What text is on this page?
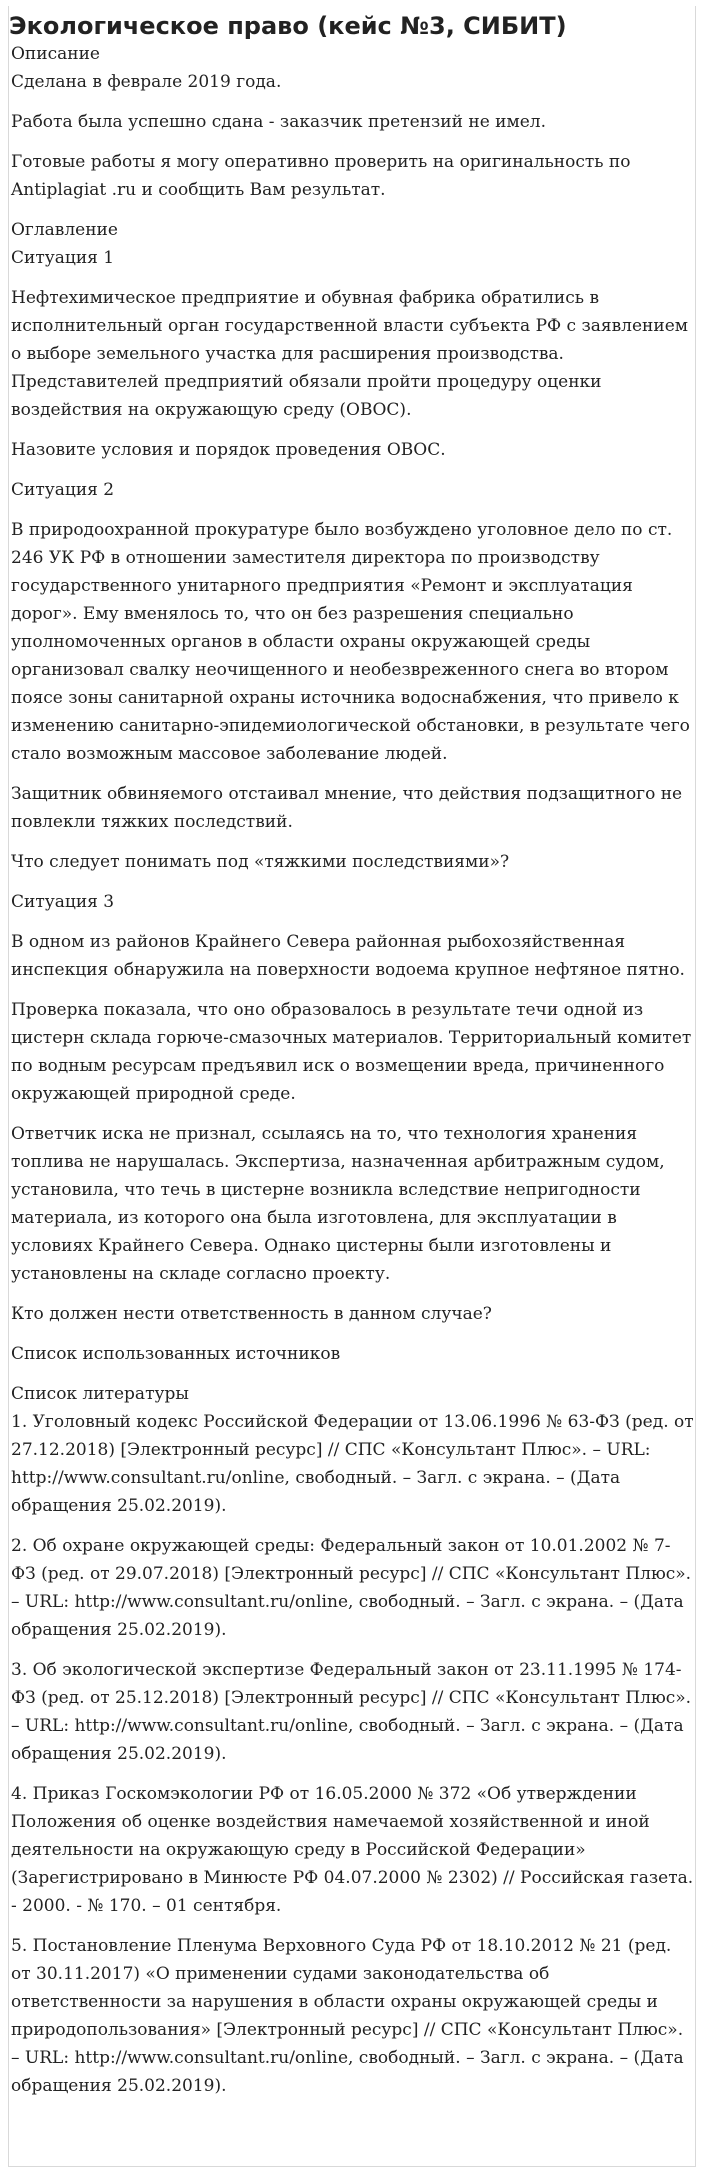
Экологическое право (кейс №3, СИБИТ)
Описание

Сделана в феврале 2019 года.

Работа была успешно сдана - заказчик претензий не имел.

Готовые работы я могу оперативно проверить на оригинальность по Antiplagiat .ru и сообщить Вам результат.

Оглавление
Ситуация 1

Нефтехимическое предприятие и обувная фабрика обратились в исполнительный орган государственной власти субъекта РФ с заявлением о выборе земельного участка для расширения производства. Представителей предприятий обязали пройти процедуру оценки воздействия на окружающую среду (ОВОС).

Назовите условия и порядок проведения ОВОС.

Ситуация 2

В природоохранной прокуратуре было возбуждено уголовное дело по ст. 246 УК РФ в отношении заместителя директора по производству государственного унитарного предприятия «Ремонт и эксплуатация дорог». Ему вменялось то, что он без разрешения специально уполномоченных органов в области охраны окружающей среды организовал свалку неочищенного и необезвреженного снега во втором поясе зоны санитарной охраны источника водоснабжения, что привело к изменению санитарно-эпидемиологической обстановки, в результате чего стало возможным массовое заболевание людей.

Защитник обвиняемого отстаивал мнение, что действия подзащитного не повлекли тяжких последствий.

Что следует понимать под «тяжкими последствиями»?

Ситуация 3

В одном из районов Крайнего Севера районная рыбохозяйственная инспекция обнаружила на поверхности водоема крупное нефтяное пятно.

Проверка показала, что оно образовалось в результате течи одной из цистерн склада горюче-смазочных материалов. Территориальный комитет по водным ресурсам предъявил иск о возмещении вреда, причиненного окружающей природной среде.

Ответчик иска не признал, ссылаясь на то, что технология хранения топлива не нарушалась. Экспертиза, назначенная арбитражным судом, установила, что течь в цистерне возникла вследствие непригодности материала, из которого она была изготовлена, для эксплуатации в условиях Крайнего Севера. Однако цистерны были изготовлены и установлены на складе согласно проекту.

Кто должен нести ответственность в данном случае?

Список использованных источников

Список литературы

1. Уголовный кодекс Российской Федерации от 13.06.1996 № 63-ФЗ (ред. от 27.12.2018) [Электронный ресурс] // СПС «Консультант Плюс». – URL: http://www.consultant.ru/online, свободный. – Загл. с экрана. – (Дата обращения 25.02.2019).

2. Об охране окружающей среды: Федеральный закон от 10.01.2002 № 7-ФЗ (ред. от 29.07.2018) [Электронный ресурс] // СПС «Консультант Плюс». – URL: http://www.consultant.ru/online, свободный. – Загл. с экрана. – (Дата обращения 25.02.2019).

3. Об экологической экспертизе Федеральный закон от 23.11.1995 № 174-ФЗ (ред. от 25.12.2018) [Электронный ресурс] // СПС «Консультант Плюс». – URL: http://www.consultant.ru/online, свободный. – Загл. с экрана. – (Дата обращения 25.02.2019).

4. Приказ Госкомэкологии РФ от 16.05.2000 № 372 «Об утверждении Положения об оценке воздействия намечаемой хозяйственной и иной деятельности на окружающую среду в Российской Федерации» (Зарегистрировано в Минюсте РФ 04.07.2000 № 2302) // Российская газета. - 2000. - № 170. – 01 сентября.

5. Постановление Пленума Верховного Суда РФ от 18.10.2012 № 21 (ред. от 30.11.2017) «О применении судами законодательства об ответственности за нарушения в области охраны окружающей среды и природопользования» [Электронный ресурс] // СПС «Консультант Плюс». – URL: http://www.consultant.ru/online, свободный. – Загл. с экрана. – (Дата обращения 25.02.2019).
